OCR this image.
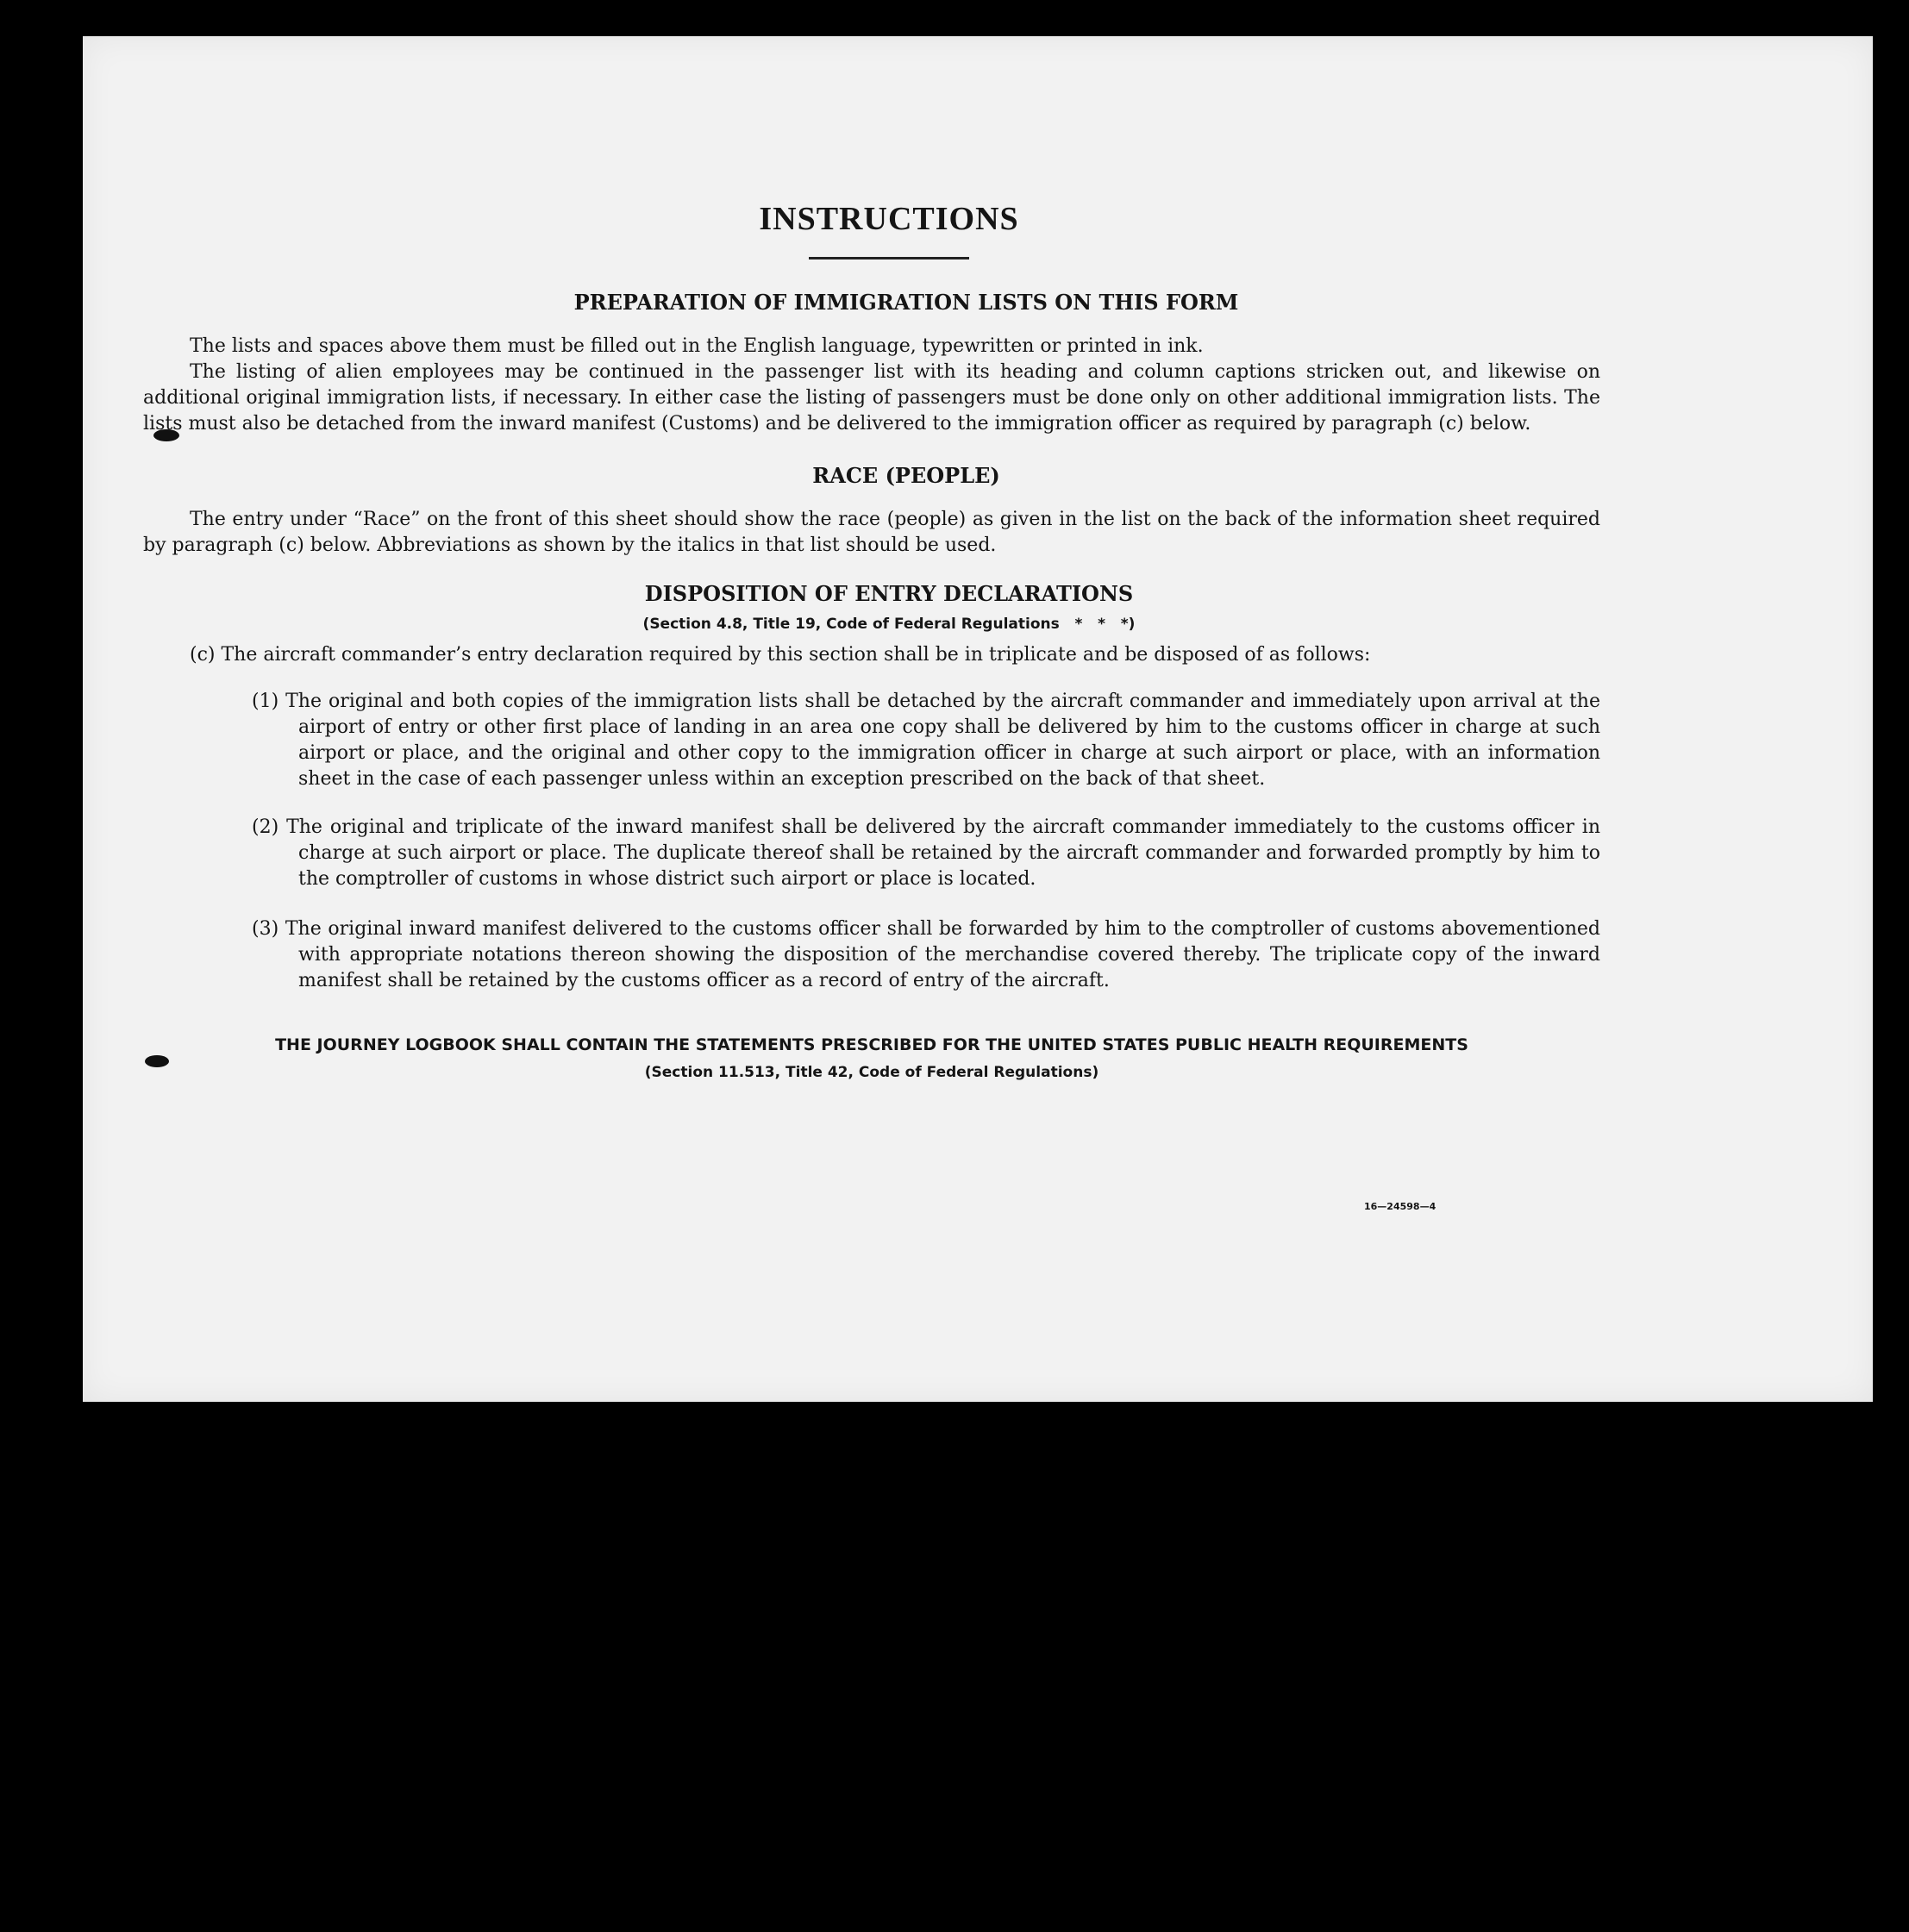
INSTRUCTIONS
PREPARATION OF IMMIGRATION LISTS ON THIS FORM

The lists and spaces above them must be filled out in the English language, typewritten or printed in ink.

The listing of alien employees may be continued in the passenger list with its heading and column captions stricken out, and likewise on additional original immigration lists, if necessary. In either case the listing of passengers must be done only on other additional immigration lists. The lists must also be detached from the inward manifest (Customs) and be delivered to the immigration officer as required by paragraph (c) below.

RACE (PEOPLE)

The entry under “Race” on the front of this sheet should show the race (people) as given in the list on the back of the information sheet required by paragraph (c) below. Abbreviations as shown by the italics in that list should be used.

DISPOSITION OF ENTRY DECLARATIONS

(Section 4.8, Title 19, Code of Federal Regulations   *   *   *)

(c) The aircraft commander’s entry declaration required by this section shall be in triplicate and be disposed of as follows:

(1) The original and both copies of the immigration lists shall be detached by the aircraft commander and immediately upon arrival at the airport of entry or other first place of landing in an area one copy shall be delivered by him to the customs officer in charge at such airport or place, and the original and other copy to the immigration officer in charge at such airport or place, with an information sheet in the case of each passenger unless within an exception prescribed on the back of that sheet.

(2) The original and triplicate of the inward manifest shall be delivered by the aircraft commander immediately to the customs officer in charge at such airport or place. The duplicate thereof shall be retained by the aircraft commander and forwarded promptly by him to the comptroller of customs in whose district such airport or place is located.

(3) The original inward manifest delivered to the customs officer shall be forwarded by him to the comptroller of customs abovementioned with appropriate notations thereon showing the disposition of the merchandise covered thereby. The triplicate copy of the inward manifest shall be retained by the customs officer as a record of entry of the aircraft.

THE JOURNEY LOGBOOK SHALL CONTAIN THE STATEMENTS PRESCRIBED FOR THE UNITED STATES PUBLIC HEALTH REQUIREMENTS

(Section 11.513, Title 42, Code of Federal Regulations)

16—24598—4
